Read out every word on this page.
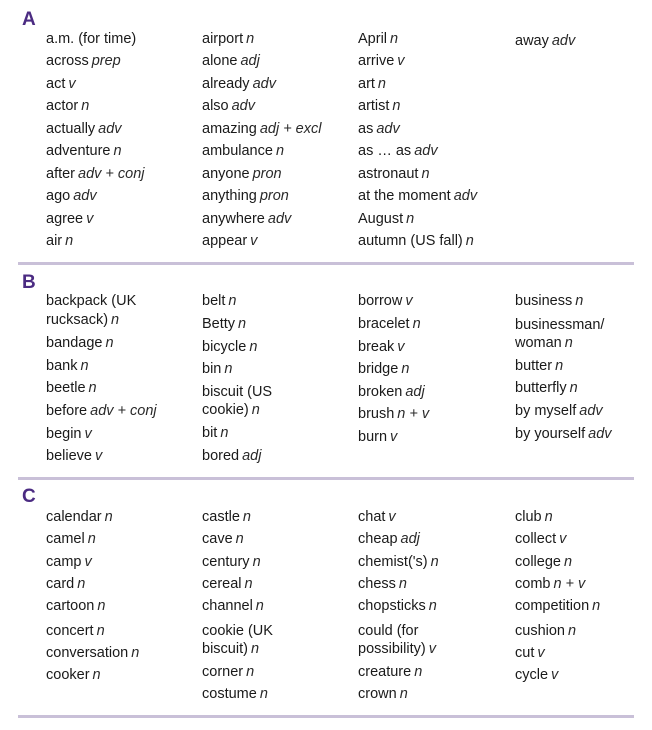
A
a.m. (for time)
across prep
act v
actor n
actually adv
adventure n
after adv + conj
ago adv
agree v
air n
airport n
alone adj
already adv
also adv
amazing adj + excl
ambulance n
anyone pron
anything pron
anywhere adv
appear v
April n
arrive v
art n
artist n
as adv
as … as adv
astronaut n
at the moment adv
August n
autumn (US fall) n
away adv
B
backpack (UK
rucksack) n
bandage n
bank n
beetle n
before adv + conj
begin v
believe v
belt n
Betty n
bicycle n
bin n
biscuit (US
cookie) n
bit n
bored adj
borrow v
bracelet n
break v
bridge n
broken adj
brush n + v
burn v
business n
businessman/
woman n
butter n
butterfly n
by myself adv
by yourself adv
C
calendar n
camel n
camp v
card n
cartoon n
concert n
conversation n
cooker n
castle n
cave n
century n
cereal n
channel n
cookie (UK
biscuit) n
corner n
costume n
chat v
cheap adj
chemist('s) n
chess n
chopsticks n
could (for
possibility) v
creature n
crown n
club n
collect v
college n
comb n + v
competition n
cushion n
cut v
cycle v
